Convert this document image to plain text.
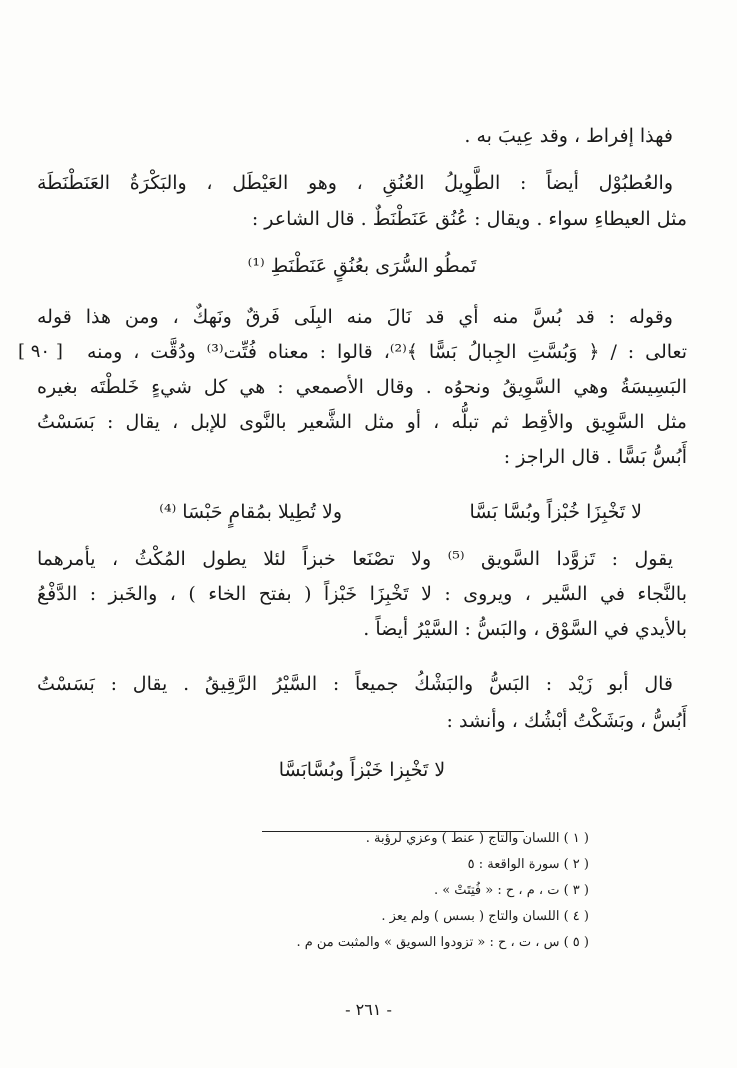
فهذا إفراط ، وقد عِيبَ به .
والعُطبُوْل أيضاً : الطَّوِيلُ العُنُقِ ، وهو العَيْطَل ، والبَكْرَةُ العَنَطْنَطَة
مثل العيطاءِ سواء . ويقال : عُنُق عَنَطْنَطٌ . قال الشاعر :
تَمطُو السُّرَى بعُنُقٍ عَنَطْنَطِ ⁽¹⁾
وقوله : قد بُسَّ منه أي قد نَالَ منه البِلَى فَرقٌ ونَهكٌ ، ومن هذا قوله
تعالى : / ﴿ وَبُسَّتِ الجِبالُ بَسًّا ﴾⁽²⁾، قالوا : معناه فُتِّت⁽³⁾ ودُقَّت ، ومنه
[ ٩٠ ]
البَسِيسَةُ وهي السَّوِيقُ ونحوُه . وقال الأصمعي : هي كل شيءٍ خَلطْتَه بغيره
مثل السَّوِيق والأقِط ثم تبلُّه ، أو مثل الشَّعير بالنَّوى للإبل ، يقال : بَسَسْتُ
أَبُسُّ بَسًّا . قال الراجز :
لا تَخْبِزَا خُبْزاً وبُسَّا بَسَّا
ولا تُطِيلا بمُقامٍ حَبْسَا ⁽⁴⁾
يقول : تَزوَّدا السَّويق ⁽⁵⁾ ولا تصْنَعا خبزاً لئلا يطول المُكْثُ ، يأمرهما
بالنَّجاء في السَّير ، ويروى : لا تَخْبِزَا خَبْزاً ( بفتح الخاء ) ، والخَبز : الدَّفْعُ
بالأيدي في السَّوْق ، والبَسُّ : السَّيْرُ أيضاً .
قال أبو زَيْد : البَسُّ والبَشْكُ جميعاً : السَّيْرُ الرَّقِيقُ . يقال : بَسَسْتُ
أَبُسُّ ، وبَشَكْتُ أبْشُك ، وأنشد :
لا تَخْبِزا خَبْزاً وبُسَّابَسَّا
( ١ ) اللسان والتاج ( عنط ) وعزي لرؤبة .
( ٢ ) سورة الواقعة : ٥
( ٣ ) ت ، م ، ح : « فُتِتَتْ » .
( ٤ ) اللسان والتاج ( بسس ) ولم يعز .
( ٥ ) س ، ت ، ح : « تزودوا السويق » والمثبت من م .
- ٢٦١ -
